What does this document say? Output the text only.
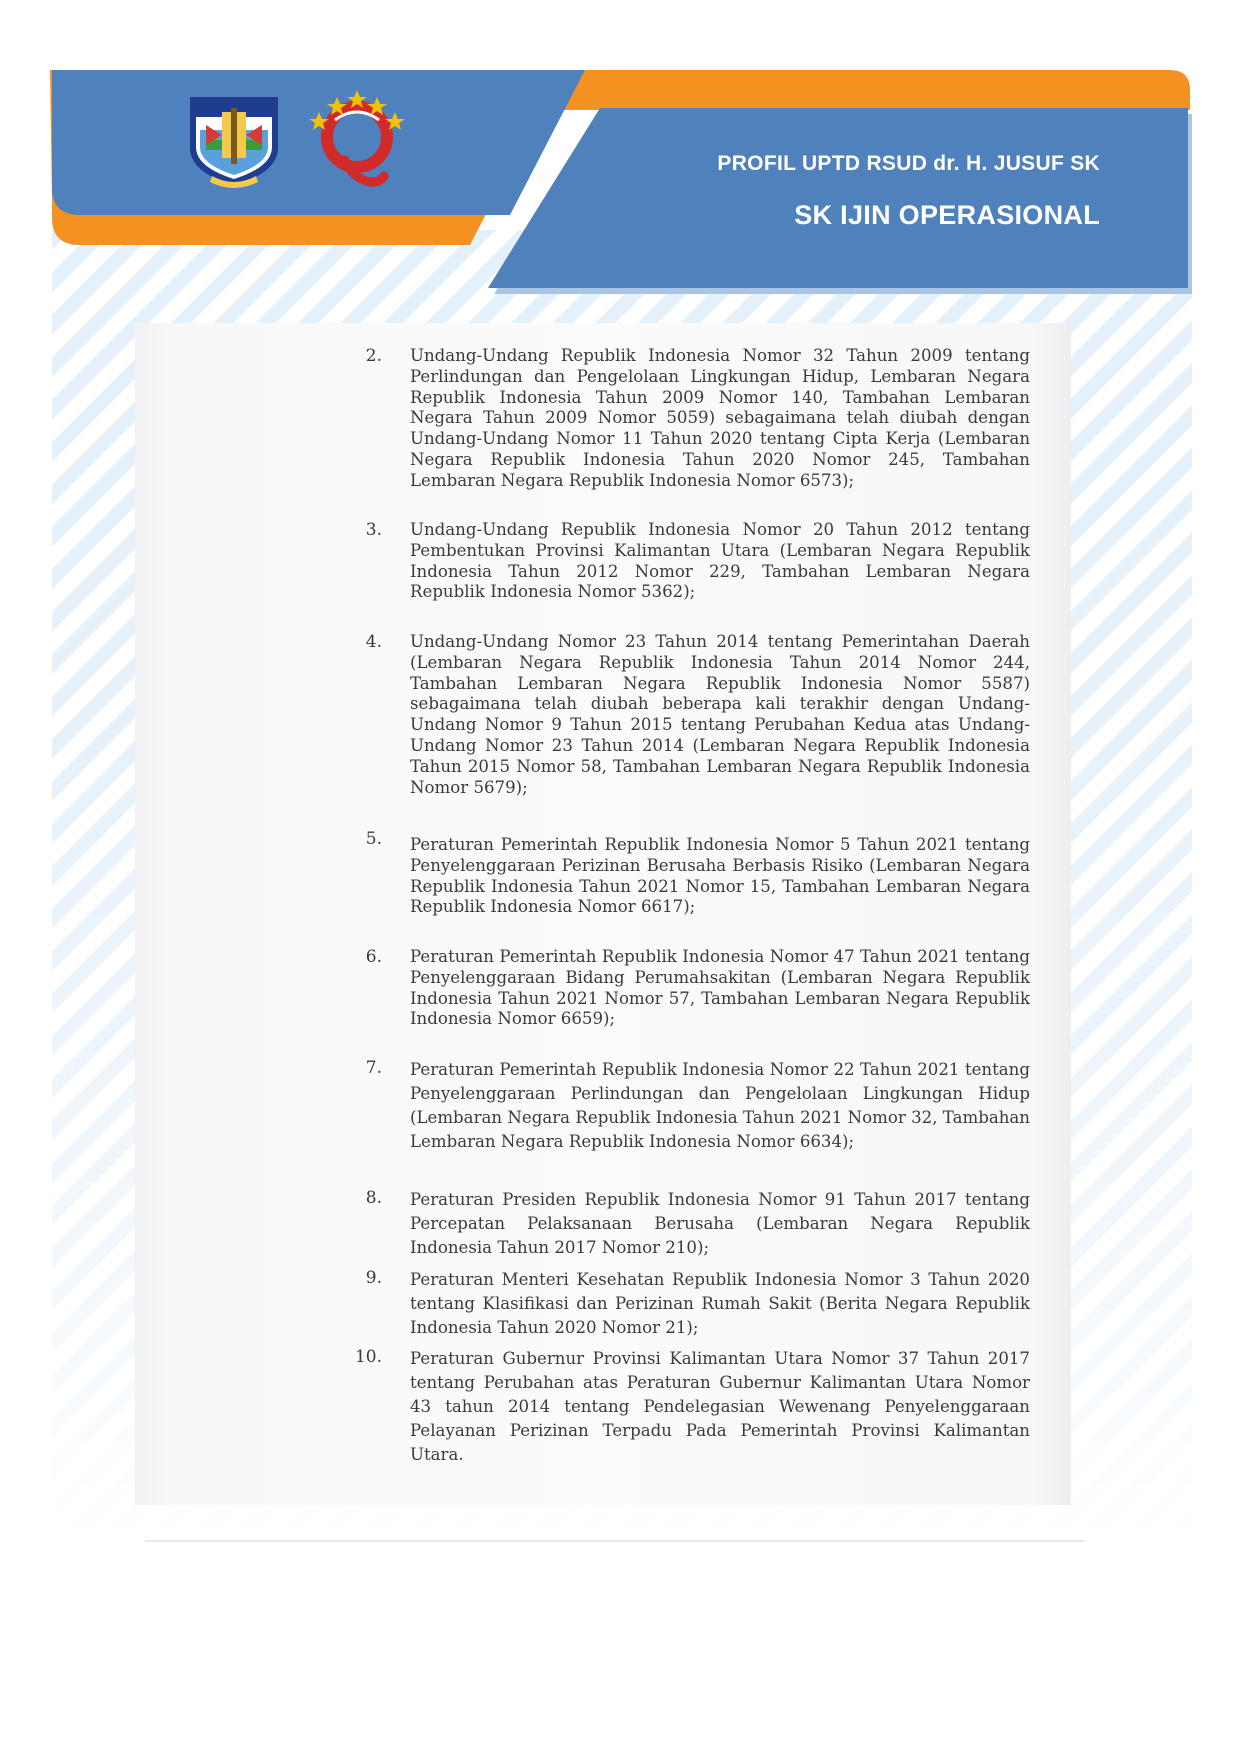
PROFIL UPTD RSUD dr. H. JUSUF SK
SK IJIN OPERASIONAL
2. Undang-Undang Republik Indonesia Nomor 32 Tahun 2009 tentang Perlindungan dan Pengelolaan Lingkungan Hidup, Lembaran Negara Republik Indonesia Tahun 2009 Nomor 140, Tambahan Lembaran Negara Tahun 2009 Nomor 5059) sebagaimana telah diubah dengan Undang-Undang Nomor 11 Tahun 2020 tentang Cipta Kerja (Lembaran Negara Republik Indonesia Tahun 2020 Nomor 245, Tambahan Lembaran Negara Republik Indonesia Nomor 6573);

3. Undang-Undang Republik Indonesia Nomor 20 Tahun 2012 tentang Pembentukan Provinsi Kalimantan Utara (Lembaran Negara Republik Indonesia Tahun 2012 Nomor 229, Tambahan Lembaran Negara Republik Indonesia Nomor 5362);

4. Undang-Undang Nomor 23 Tahun 2014 tentang Pemerintahan Daerah (Lembaran Negara Republik Indonesia Tahun 2014 Nomor 244, Tambahan Lembaran Negara Republik Indonesia Nomor 5587) sebagaimana telah diubah beberapa kali terakhir dengan Undang-Undang Nomor 9 Tahun 2015 tentang Perubahan Kedua atas Undang-Undang Nomor 23 Tahun 2014 (Lembaran Negara Republik Indonesia Tahun 2015 Nomor 58, Tambahan Lembaran Negara Republik Indonesia Nomor 5679);

5. Peraturan Pemerintah Republik Indonesia Nomor 5 Tahun 2021 tentang Penyelenggaraan Perizinan Berusaha Berbasis Risiko (Lembaran Negara Republik Indonesia Tahun 2021 Nomor 15, Tambahan Lembaran Negara Republik Indonesia Nomor 6617);

6. Peraturan Pemerintah Republik Indonesia Nomor 47 Tahun 2021 tentang Penyelenggaraan Bidang Perumahsakitan (Lembaran Negara Republik Indonesia Tahun 2021 Nomor 57, Tambahan Lembaran Negara Republik Indonesia Nomor 6659);

7. Peraturan Pemerintah Republik Indonesia Nomor 22 Tahun 2021 tentang Penyelenggaraan Perlindungan dan Pengelolaan Lingkungan Hidup (Lembaran Negara Republik Indonesia Tahun 2021 Nomor 32, Tambahan Lembaran Negara Republik Indonesia Nomor 6634);

8. Peraturan Presiden Republik Indonesia Nomor 91 Tahun 2017 tentang Percepatan Pelaksanaan Berusaha (Lembaran Negara Republik Indonesia Tahun 2017 Nomor 210);

9. Peraturan Menteri Kesehatan Republik Indonesia Nomor 3 Tahun 2020 tentang Klasifikasi dan Perizinan Rumah Sakit (Berita Negara Republik Indonesia Tahun 2020 Nomor 21);

10. Peraturan Gubernur Provinsi Kalimantan Utara Nomor 37 Tahun 2017 tentang Perubahan atas Peraturan Gubernur Kalimantan Utara Nomor 43 tahun 2014 tentang Pendelegasian Wewenang Penyelenggaraan Pelayanan Perizinan Terpadu Pada Pemerintah Provinsi Kalimantan Utara.
